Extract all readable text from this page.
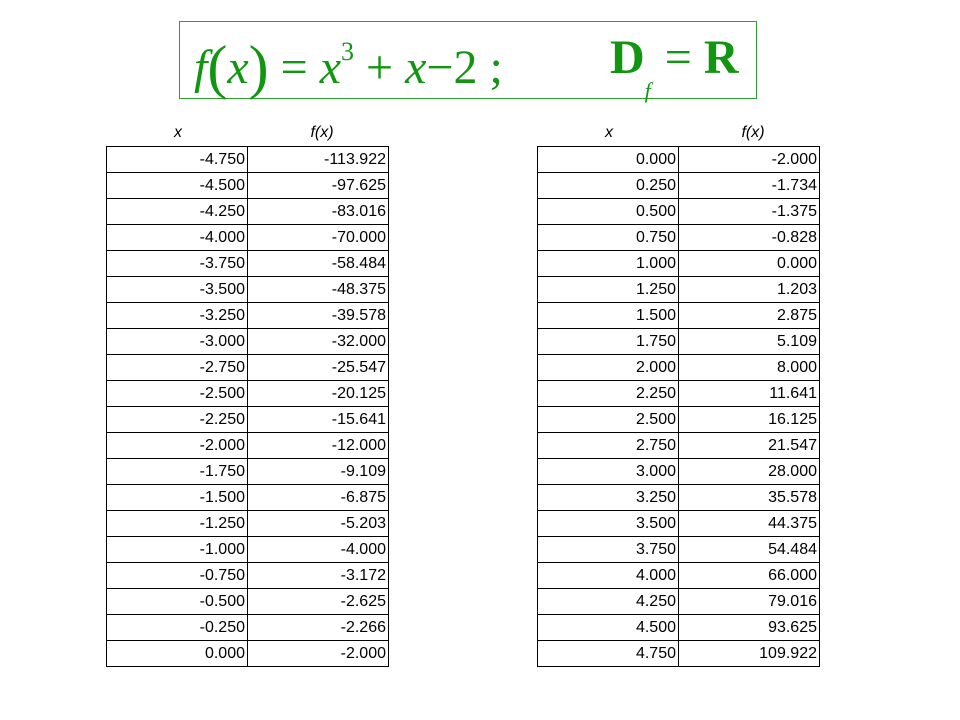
$f(x) = x^3 + x-2$ ; $D_f= R$
x	f(x)
-4.750	-113.922
-4.500	-97.625
-4.250	-83.016
-4.000	-70.000
-3.750	-58.484
-3.500	-48.375
-3.250	-39.578
-3.000	-32.000
-2.750	-25.547
-2.500	-20.125
-2.250	-15.641
-2.000	-12.000
-1.750	-9.109
-1.500	-6.875
-1.250	-5.203
-1.000	-4.000
-0.750	-3.172
-0.500	-2.625
-0.250	-2.266
0.000	-2.000
x	f(x)
0.000	-2.000
0.250	-1.734
0.500	-1.375
0.750	-0.828
1.000	0.000
1.250	1.203
1.500	2.875
1.750	5.109
2.000	8.000
2.250	11.641
2.500	16.125
2.750	21.547
3.000	28.000
3.250	35.578
3.500	44.375
3.750	54.484
4.000	66.000
4.250	79.016
4.500	93.625
4.750	109.922
